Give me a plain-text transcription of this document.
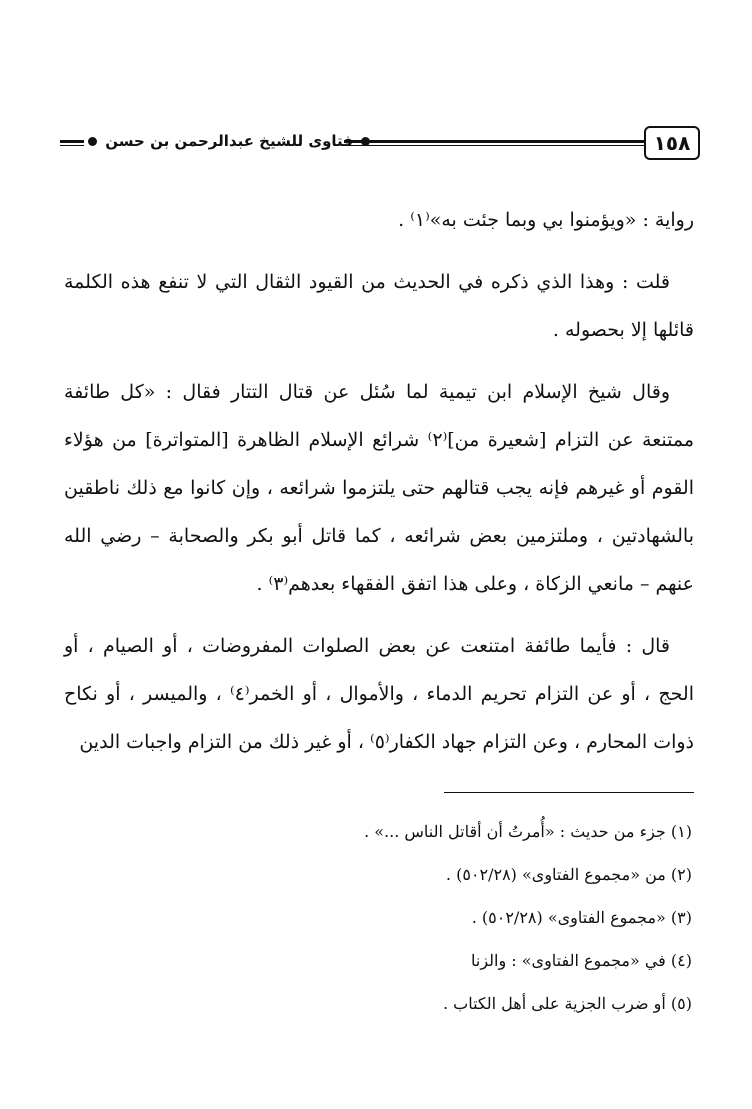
١٥٨
فتاوى للشيخ عبدالرحمن بن حسن

رواية : «ويؤمنوا بي وبما جئت به»⁽١⁾ .

قلت : وهذا الذي ذكره في الحديث من القيود الثقال التي لا تنفع هذه الكلمة قائلها إلا بحصوله .

وقال شيخ الإسلام ابن تيمية لما سُئل عن قتال التتار فقال : «كل طائفة ممتنعة عن التزام [شعيرة من]⁽٢⁾ شرائع الإسلام الظاهرة [المتواترة] من هؤلاء القوم أو غيرهم فإنه يجب قتالهم حتى يلتزموا شرائعه ، وإن كانوا مع ذلك ناطقين بالشهادتين ، وملتزمين بعض شرائعه ، كما قاتل أبو بكر والصحابة – رضي الله عنهم – مانعي الزكاة ، وعلى هذا اتفق الفقهاء بعدهم⁽٣⁾ .

قال : فأيما طائفة امتنعت عن بعض الصلوات المفروضات ، أو الصيام ، أو الحج ، أو عن التزام تحريم الدماء ، والأموال ، أو الخمر⁽٤⁾ ، والميسر ، أو نكاح ذوات المحارم ، وعن التزام جهاد الكفار⁽٥⁾ ، أو غير ذلك من التزام واجبات الدين

(١) جزء من حديث : «أُمرتُ أن أقاتل الناس ...» .
(٢) من «مجموع الفتاوى» (٥٠٢/٢٨) .
(٣) «مجموع الفتاوى» (٥٠٢/٢٨) .
(٤) في «مجموع الفتاوى» : والزنا
(٥) أو ضرب الجزية على أهل الكتاب .
